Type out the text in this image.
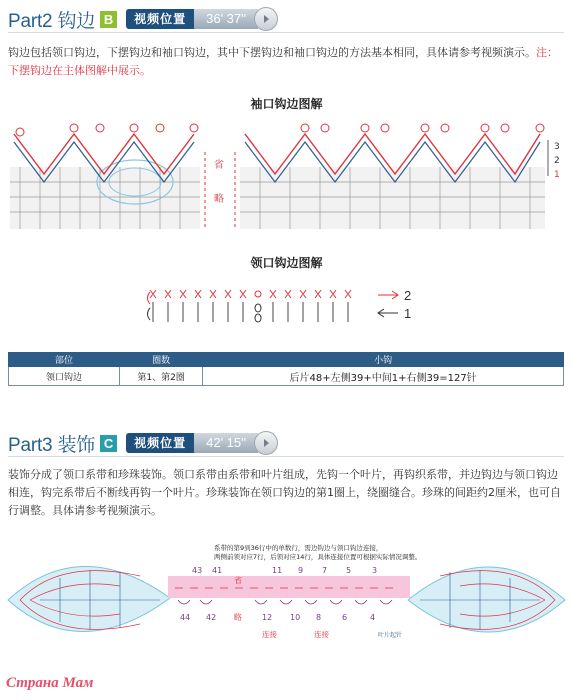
Part2 钩边 B	视频位置	36' 37''
钩边包括领口钩边，下摆钩边和袖口钩边，其中下摆钩边和袖口钩边的方法基本相同，具体请参考视频演示。注：下摆钩边在主体图解中展示。
袖口钩边图解
省
略
3
2
1
领口钩边图解
2
1
部位	圈数	小钩
领口钩边	第1、第2圈	后片48+左侧39+中间1+右侧39=127针
Part3 装饰 C	视频位置	42' 15''
装饰分成了领口系带和珍珠装饰。领口系带由系带和叶片组成，先钩一个叶片，再钩织系带，并边钩边与领口钩边相连，钩完系带后不断线再钩一个叶片。珍珠装饰在领口钩边的第1圈上，绕圈缝合。珍珠的间距约2厘米，也可自行调整。具体请参考视频演示。
系带的第9到36行中的单数行，需边钩边与领口钩边连接，
两侧前领对应7行，后领对应14行，具体连接位置可根据实际情况调整。
43 41
省
11 9 7 5	3
44 42 略	12 10 8	6	4
连接	连接	叶片起针
Страна Мам
